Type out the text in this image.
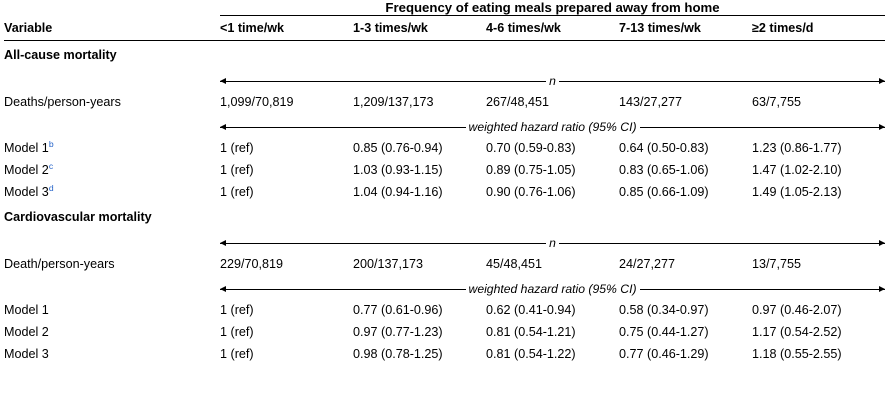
	Frequency of eating meals prepared away from home				
Variable	<1 time/wk	1-3 times/wk	4-6 times/wk	7-13 times/wk	≥2 times/d
All-cause mortality					

	n				

Deaths/person-years	1,099/70,819	1,209/137,173	267/48,451	143/27,277	63/7,755

	weighted hazard ratio (95% CI)				

Model 1$^b$	1 (ref)	0.85 (0.76-0.94)	0.70 (0.59-0.83)	0.64 (0.50-0.83)	1.23 (0.86-1.77)
Model 2$^c$	1 (ref)	1.03 (0.93-1.15)	0.89 (0.75-1.05)	0.83 (0.65-1.06)	1.47 (1.02-2.10)
Model 3$^d$	1 (ref)	1.04 (0.94-1.16)	0.90 (0.76-1.06)	0.85 (0.66-1.09)	1.49 (1.05-2.13)
Cardiovascular mortality					

	n				

Death/person-years	229/70,819	200/137,173	45/48,451	24/27,277	13/7,755

	weighted hazard ratio (95% CI)				

Model 1	1 (ref)	0.77 (0.61-0.96)	0.62 (0.41-0.94)	0.58 (0.34-0.97)	0.97 (0.46-2.07)
Model 2	1 (ref)	0.97 (0.77-1.23)	0.81 (0.54-1.21)	0.75 (0.44-1.27)	1.17 (0.54-2.52)
Model 3	1 (ref)	0.98 (0.78-1.25)	0.81 (0.54-1.22)	0.77 (0.46-1.29)	1.18 (0.55-2.55)
